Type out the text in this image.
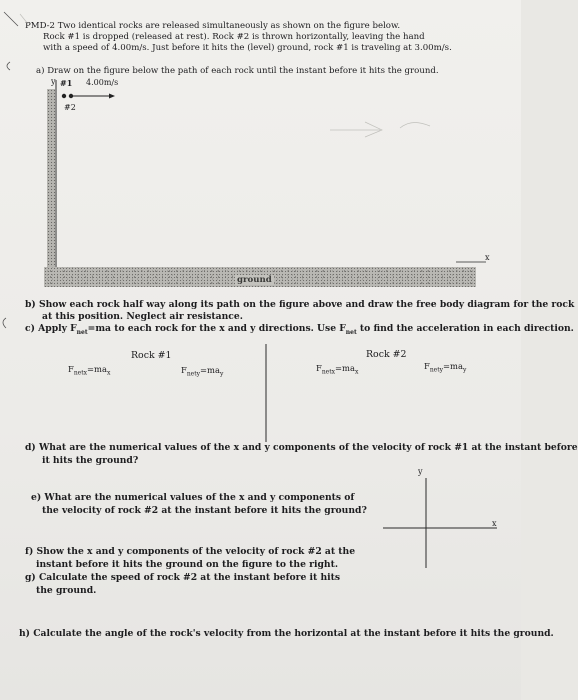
PMD-2 Two identical rocks are released simultaneously as shown on the figure below.
Rock #1 is dropped (released at rest). Rock #2 is thrown horizontally, leaving the hand
with a speed of 4.00m/s. Just before it hits the (level) ground, rock #1 is traveling at 3.00m/s.
a) Draw on the figure below the path of each rock until the instant before it hits the ground.
ground
y #1 4.00m/s
#2
x
b) Show each rock half way along its path on the figure above and draw the free body diagram for the rock
at this position. Neglect air resistance.
c) Apply $F_{net}=ma$ to each rock for the x and y directions. Use $F_{net}$ to find the acceleration in each direction.
Rock #1	Rock #2
$F_{netx}=ma_x$	$F_{nety}=ma_y$
$F_{netx}=ma_x$
$F_{nety}=ma_y$
d) What are the numerical values of the x and y components of the velocity of rock #1 at the instant before
it hits the ground?
y
x
e) What are the numerical values of the x and y components of
the velocity of rock #2 at the instant before it hits the ground?
f) Show the x and y components of the velocity of rock #2 at the
instant before it hits the ground on the figure to the right.
g) Calculate the speed of rock #2 at the instant before it hits
the ground.
h) Calculate the angle of the rock's velocity from the horizontal at the instant before it hits the ground.
